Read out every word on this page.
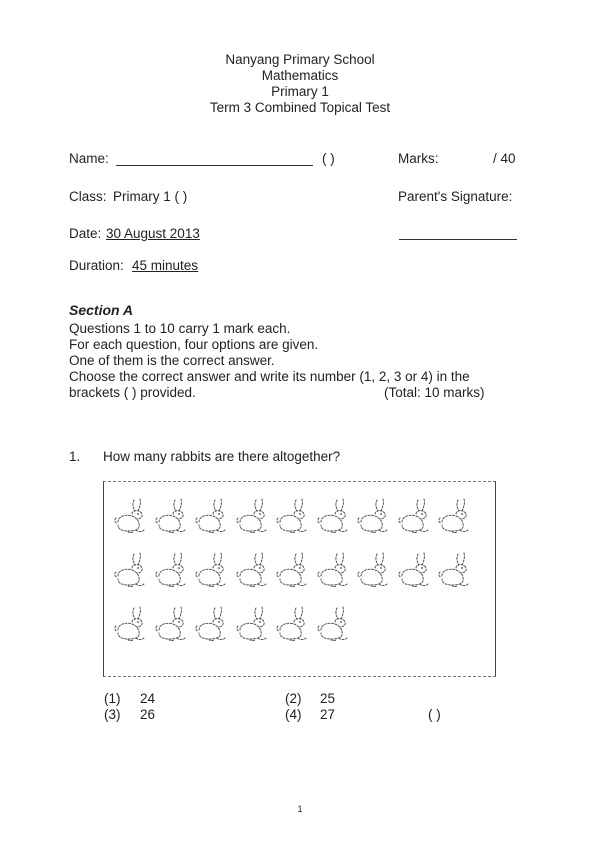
Nanyang Primary School
Mathematics
Primary 1
Term 3 Combined Topical Test
Name:	( )	Marks:	/ 40
Class: Primary 1 ( )	Parent's Signature:
Date: 30 August 2013
Duration: 45 minutes
Section A
Questions 1 to 10 carry 1 mark each.
For each question, four options are given.
One of them is the correct answer.
Choose the correct answer and write its number (1, 2, 3 or 4) in the
brackets ( ) provided.	(Total: 10 marks)
1. How many rabbits are there altogether?
(1) 24	(2) 25
(3) 26	(4) 27	( )
1
